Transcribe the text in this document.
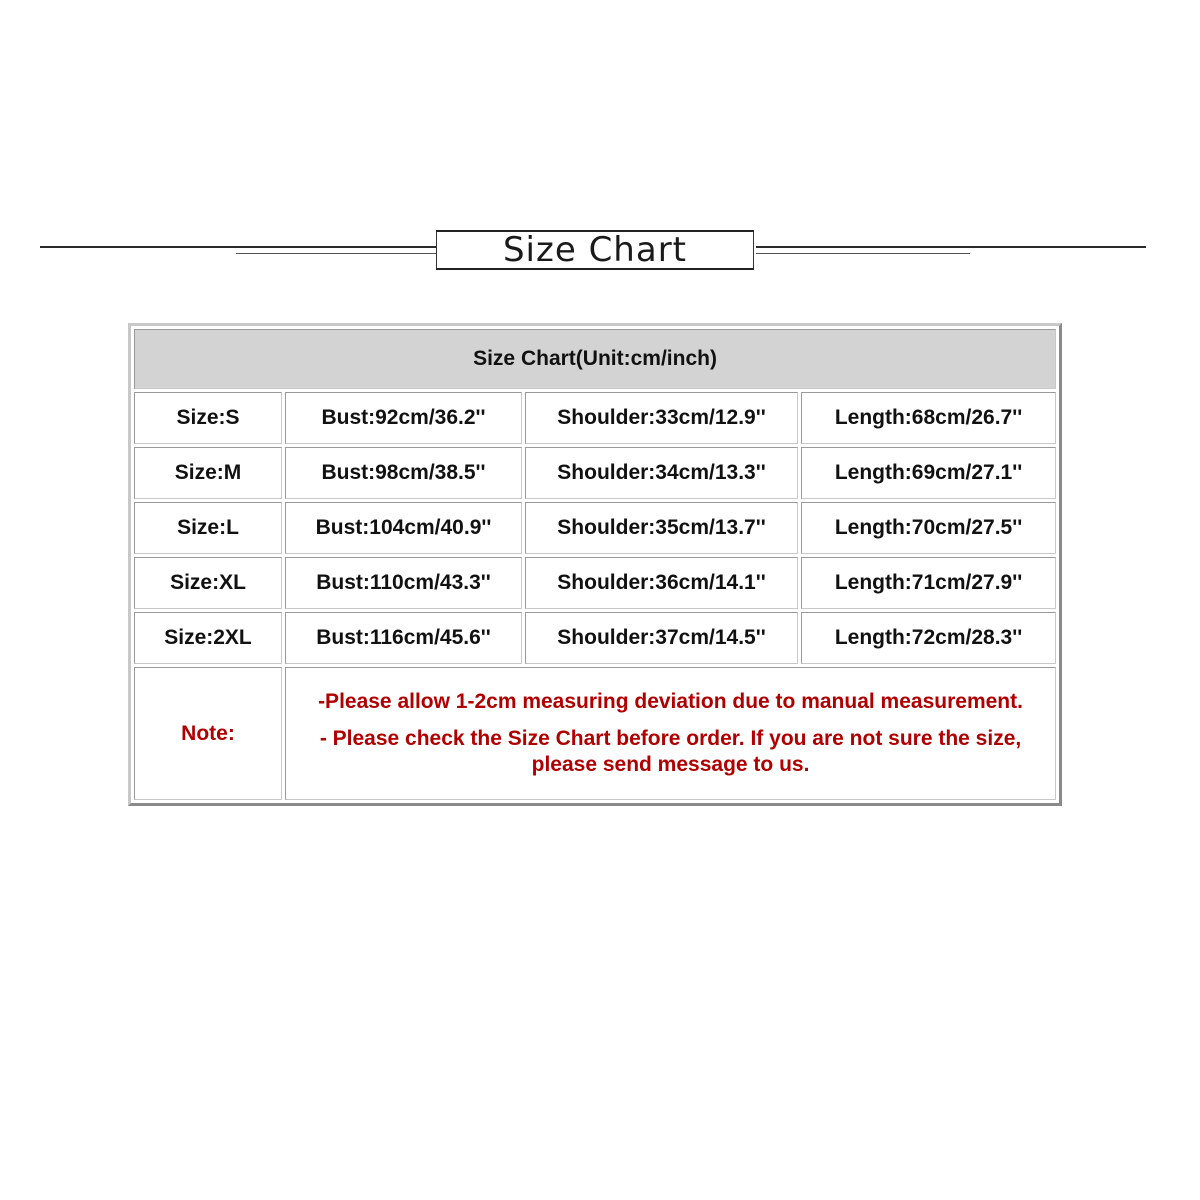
Size Chart
Size Chart(Unit:cm/inch)			
Size:S	Bust:92cm/36.2''	Shoulder:33cm/12.9''	Length:68cm/26.7''
Size:M	Bust:98cm/38.5''	Shoulder:34cm/13.3''	Length:69cm/27.1''
Size:L	Bust:104cm/40.9''	Shoulder:35cm/13.7''	Length:70cm/27.5''
Size:XL	Bust:110cm/43.3''	Shoulder:36cm/14.1''	Length:71cm/27.9''
Size:2XL	Bust:116cm/45.6''	Shoulder:37cm/14.5''	Length:72cm/28.3''
Note:	-Please allow 1-2cm measuring deviation due to manual measurement.
- Please check the Size Chart before order. If you are not sure the size, please send message to us.		
